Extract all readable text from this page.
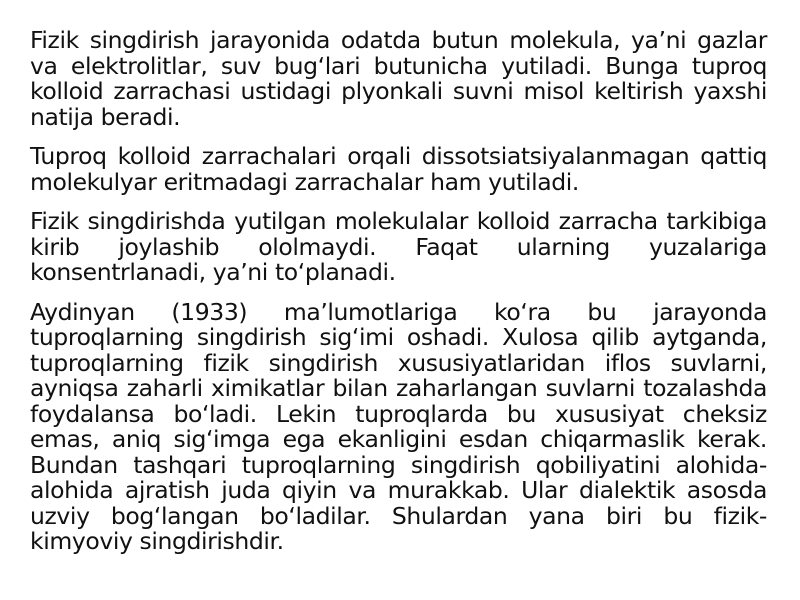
Fizik singdirish jarayonida odatda butun molekula, ya’ni gazlar va elektrolitlar, suv bug‘lari butunicha yutiladi. Bunga tuproq kolloid zarrachasi ustidagi plyonkali suvni misol keltirish yaxshi natija beradi.

Tuproq kolloid zarrachalari orqali dissotsiatsiyalanmagan qattiq molekulyar eritmadagi zarrachalar ham yutiladi.

Fizik singdirishda yutilgan molekulalar kolloid zarracha tarkibiga kirib joylashib ololmaydi. Faqat ularning yuzalariga konsentrlanadi, ya’ni to‘planadi.

Aydinyan (1933) ma’lumotlariga ko‘ra bu jarayonda tuproqlarning singdirish sig‘imi oshadi. Xulosa qilib aytganda, tuproqlarning fizik singdirish xususiyatlaridan iflos suvlarni, ayniqsa zaharli ximikatlar bilan zaharlangan suvlarni tozalashda foydalansa bo‘ladi. Lekin tuproqlarda bu xususiyat cheksiz emas, aniq sig‘imga ega ekanligini esdan chiqarmaslik kerak. Bundan tashqari tuproqlarning singdirish qobiliyatini alohida-alohida ajratish juda qiyin va murakkab. Ular dialektik asosda uzviy bog‘langan bo‘ladilar. Shulardan yana biri bu fizik-kimyoviy singdirishdir.
